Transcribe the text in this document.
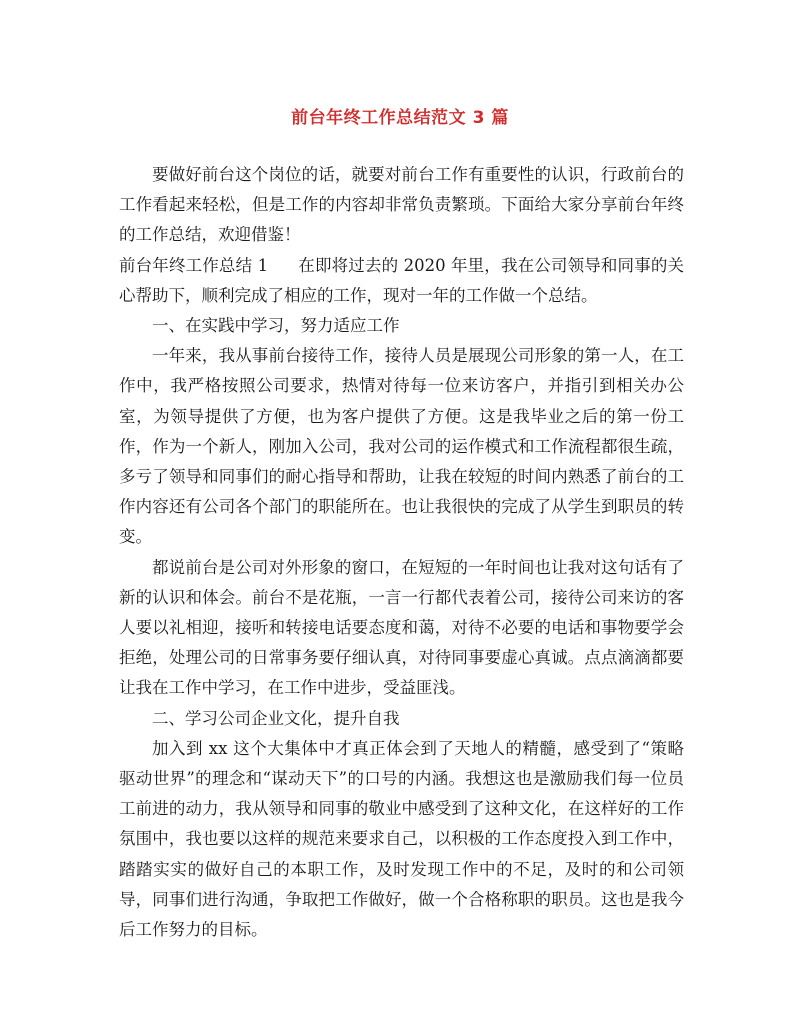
前台年终工作总结范文 3 篇

要做好前台这个岗位的话，就要对前台工作有重要性的认识，行政前台的工作看起来轻松，但是工作的内容却非常负责繁琐。下面给大家分享前台年终的工作总结，欢迎借鉴！

前台年终工作总结 1 在即将过去的 2020 年里，我在公司领导和同事的关心帮助下，顺利完成了相应的工作，现对一年的工作做一个总结。

一、在实践中学习，努力适应工作

一年来，我从事前台接待工作，接待人员是展现公司形象的第一人，在工作中，我严格按照公司要求，热情对待每一位来访客户，并指引到相关办公室，为领导提供了方便，也为客户提供了方便。这是我毕业之后的第一份工作，作为一个新人，刚加入公司，我对公司的运作模式和工作流程都很生疏，多亏了领导和同事们的耐心指导和帮助，让我在较短的时间内熟悉了前台的工作内容还有公司各个部门的职能所在。也让我很快的完成了从学生到职员的转变。

都说前台是公司对外形象的窗口，在短短的一年时间也让我对这句话有了新的认识和体会。前台不是花瓶，一言一行都代表着公司，接待公司来访的客人要以礼相迎，接听和转接电话要态度和蔼，对待不必要的电话和事物要学会拒绝，处理公司的日常事务要仔细认真，对待同事要虚心真诚。点点滴滴都要让我在工作中学习，在工作中进步，受益匪浅。

二、学习公司企业文化，提升自我

加入到 xx 这个大集体中才真正体会到了天地人的精髓，感受到了“策略驱动世界”的理念和“谋动天下”的口号的内涵。我想这也是激励我们每一位员工前进的动力，我从领导和同事的敬业中感受到了这种文化，在这样好的工作氛围中，我也要以这样的规范来要求自己，以积极的工作态度投入到工作中，踏踏实实的做好自己的本职工作，及时发现工作中的不足，及时的和公司领导，同事们进行沟通，争取把工作做好，做一个合格称职的职员。这也是我今后工作努力的目标。
